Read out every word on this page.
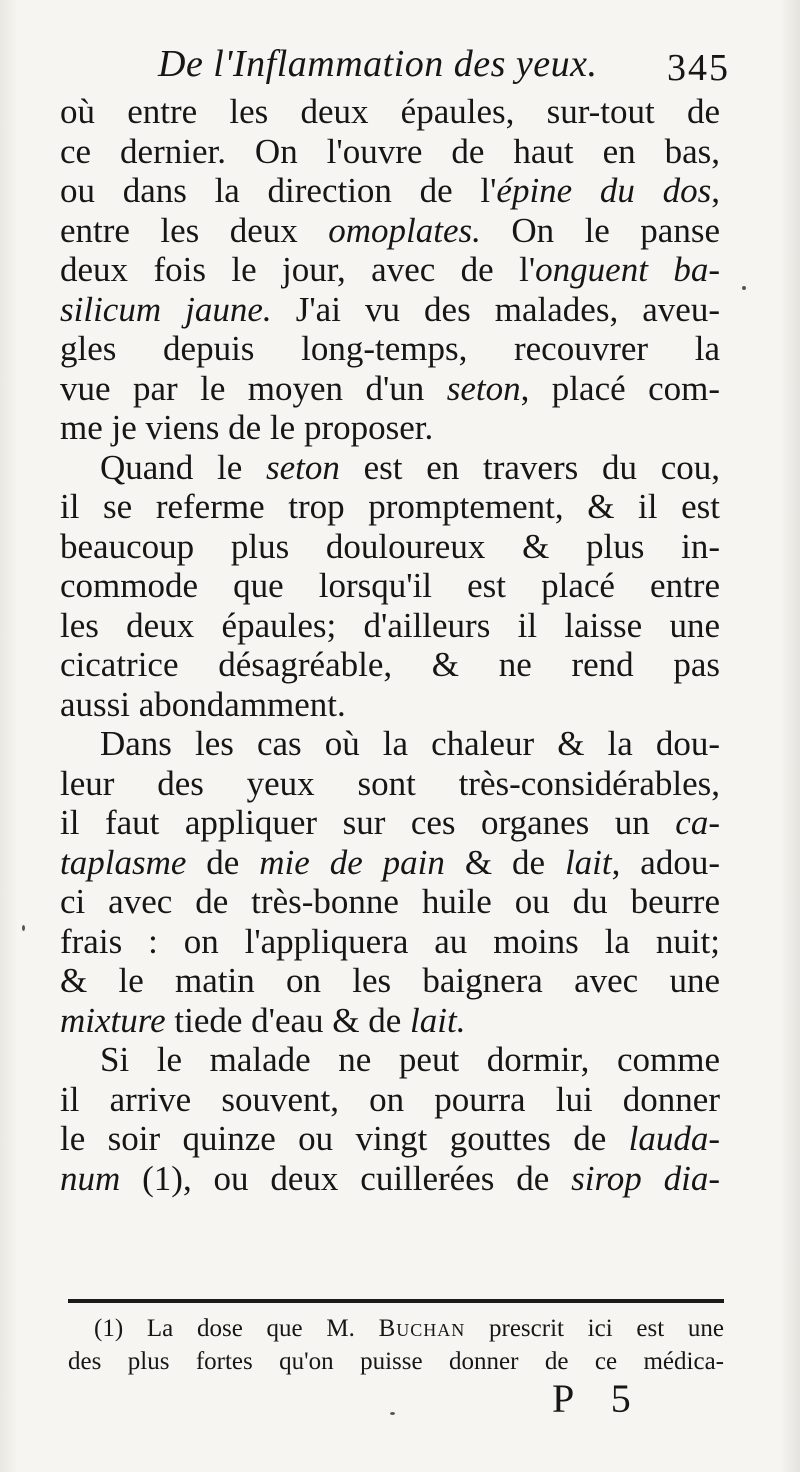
De l'Inflammation des yeux. 345
où entre les deux épaules, sur-tout de
ce dernier. On l'ouvre de haut en bas,
ou dans la direction de l'épine du dos,
entre les deux omoplates. On le panse
deux fois le jour, avec de l'onguent ba-
silicum jaune. J'ai vu des malades, aveu-
gles depuis long-temps, recouvrer la
vue par le moyen d'un seton, placé com-
me je viens de le proposer.
Quand le seton est en travers du cou,
il se referme trop promptement, & il est
beaucoup plus douloureux & plus in-
commode que lorsqu'il est placé entre
les deux épaules; d'ailleurs il laisse une
cicatrice désagréable, & ne rend pas
aussi abondamment.
Dans les cas où la chaleur & la dou-
leur des yeux sont très-considérables,
il faut appliquer sur ces organes un ca-
taplasme de mie de pain & de lait, adou-
ci avec de très-bonne huile ou du beurre
frais : on l'appliquera au moins la nuit;
& le matin on les baignera avec une
mixture tiede d'eau & de lait.
Si le malade ne peut dormir, comme
il arrive souvent, on pourra lui donner
le soir quinze ou vingt gouttes de lauda-
num (1), ou deux cuillerées de sirop dia-
(1) La dose que M. Buchan prescrit ici est une
des plus fortes qu'on puisse donner de ce médica-
P 5
